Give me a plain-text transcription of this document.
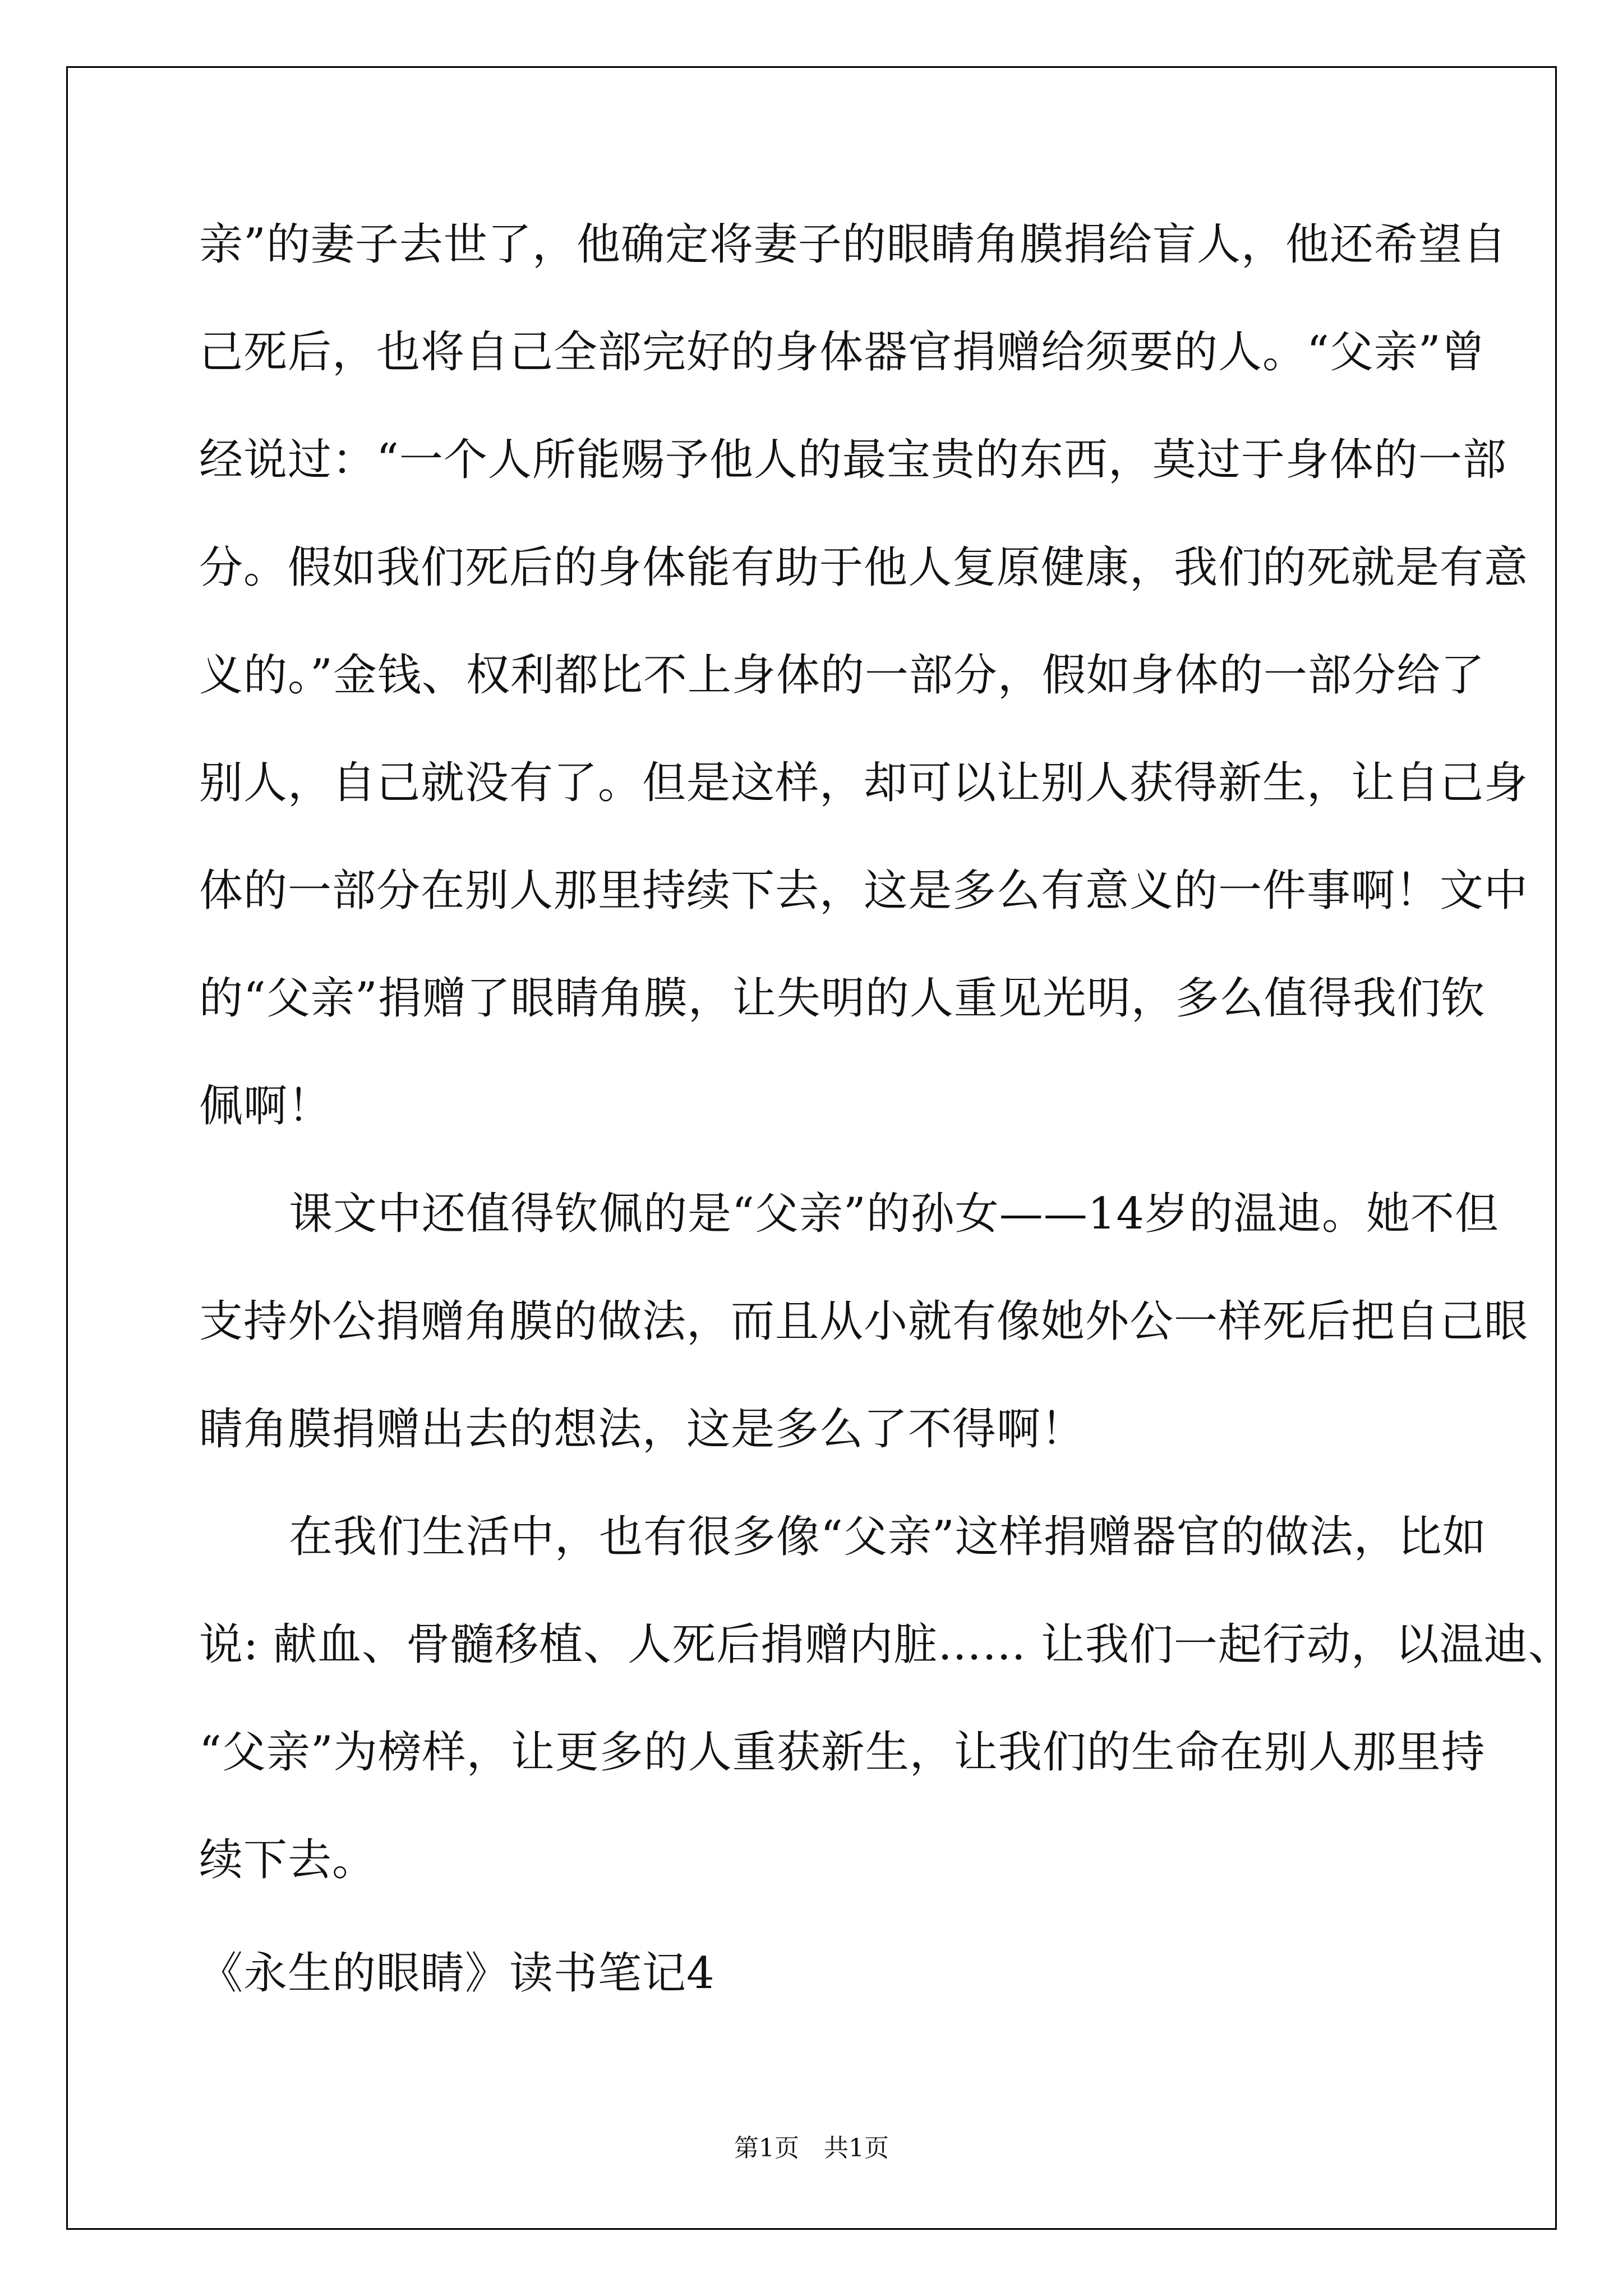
亲”的妻子去世了，他确定将妻子的眼睛角膜捐给盲人，他还希望自
己死后，也将自己全部完好的身体器官捐赠给须要的人。“父亲”曾
经说过：“一个人所能赐予他人的最宝贵的东西，莫过于身体的一部
分。假如我们死后的身体能有助于他人复原健康，我们的死就是有意
义的。”金钱、权利都比不上身体的一部分，假如身体的一部分给了
别人，自己就没有了。但是这样，却可以让别人获得新生，让自己身
体的一部分在别人那里持续下去，这是多么有意义的一件事啊！文中
的“父亲”捐赠了眼睛角膜，让失明的人重见光明，多么值得我们钦
佩啊！
课文中还值得钦佩的是“父亲”的孙女——14岁的温迪。她不但
支持外公捐赠角膜的做法，而且从小就有像她外公一样死后把自己眼
睛角膜捐赠出去的想法，这是多么了不得啊！
在我们生活中，也有很多像“父亲”这样捐赠器官的做法，比如
说: 献血、骨髓移植、人死后捐赠内脏…… 让我们一起行动，以温迪、
“父亲”为榜样，让更多的人重获新生，让我们的生命在别人那里持
续下去。
《永生的眼睛》读书笔记4
第1页　共1页
